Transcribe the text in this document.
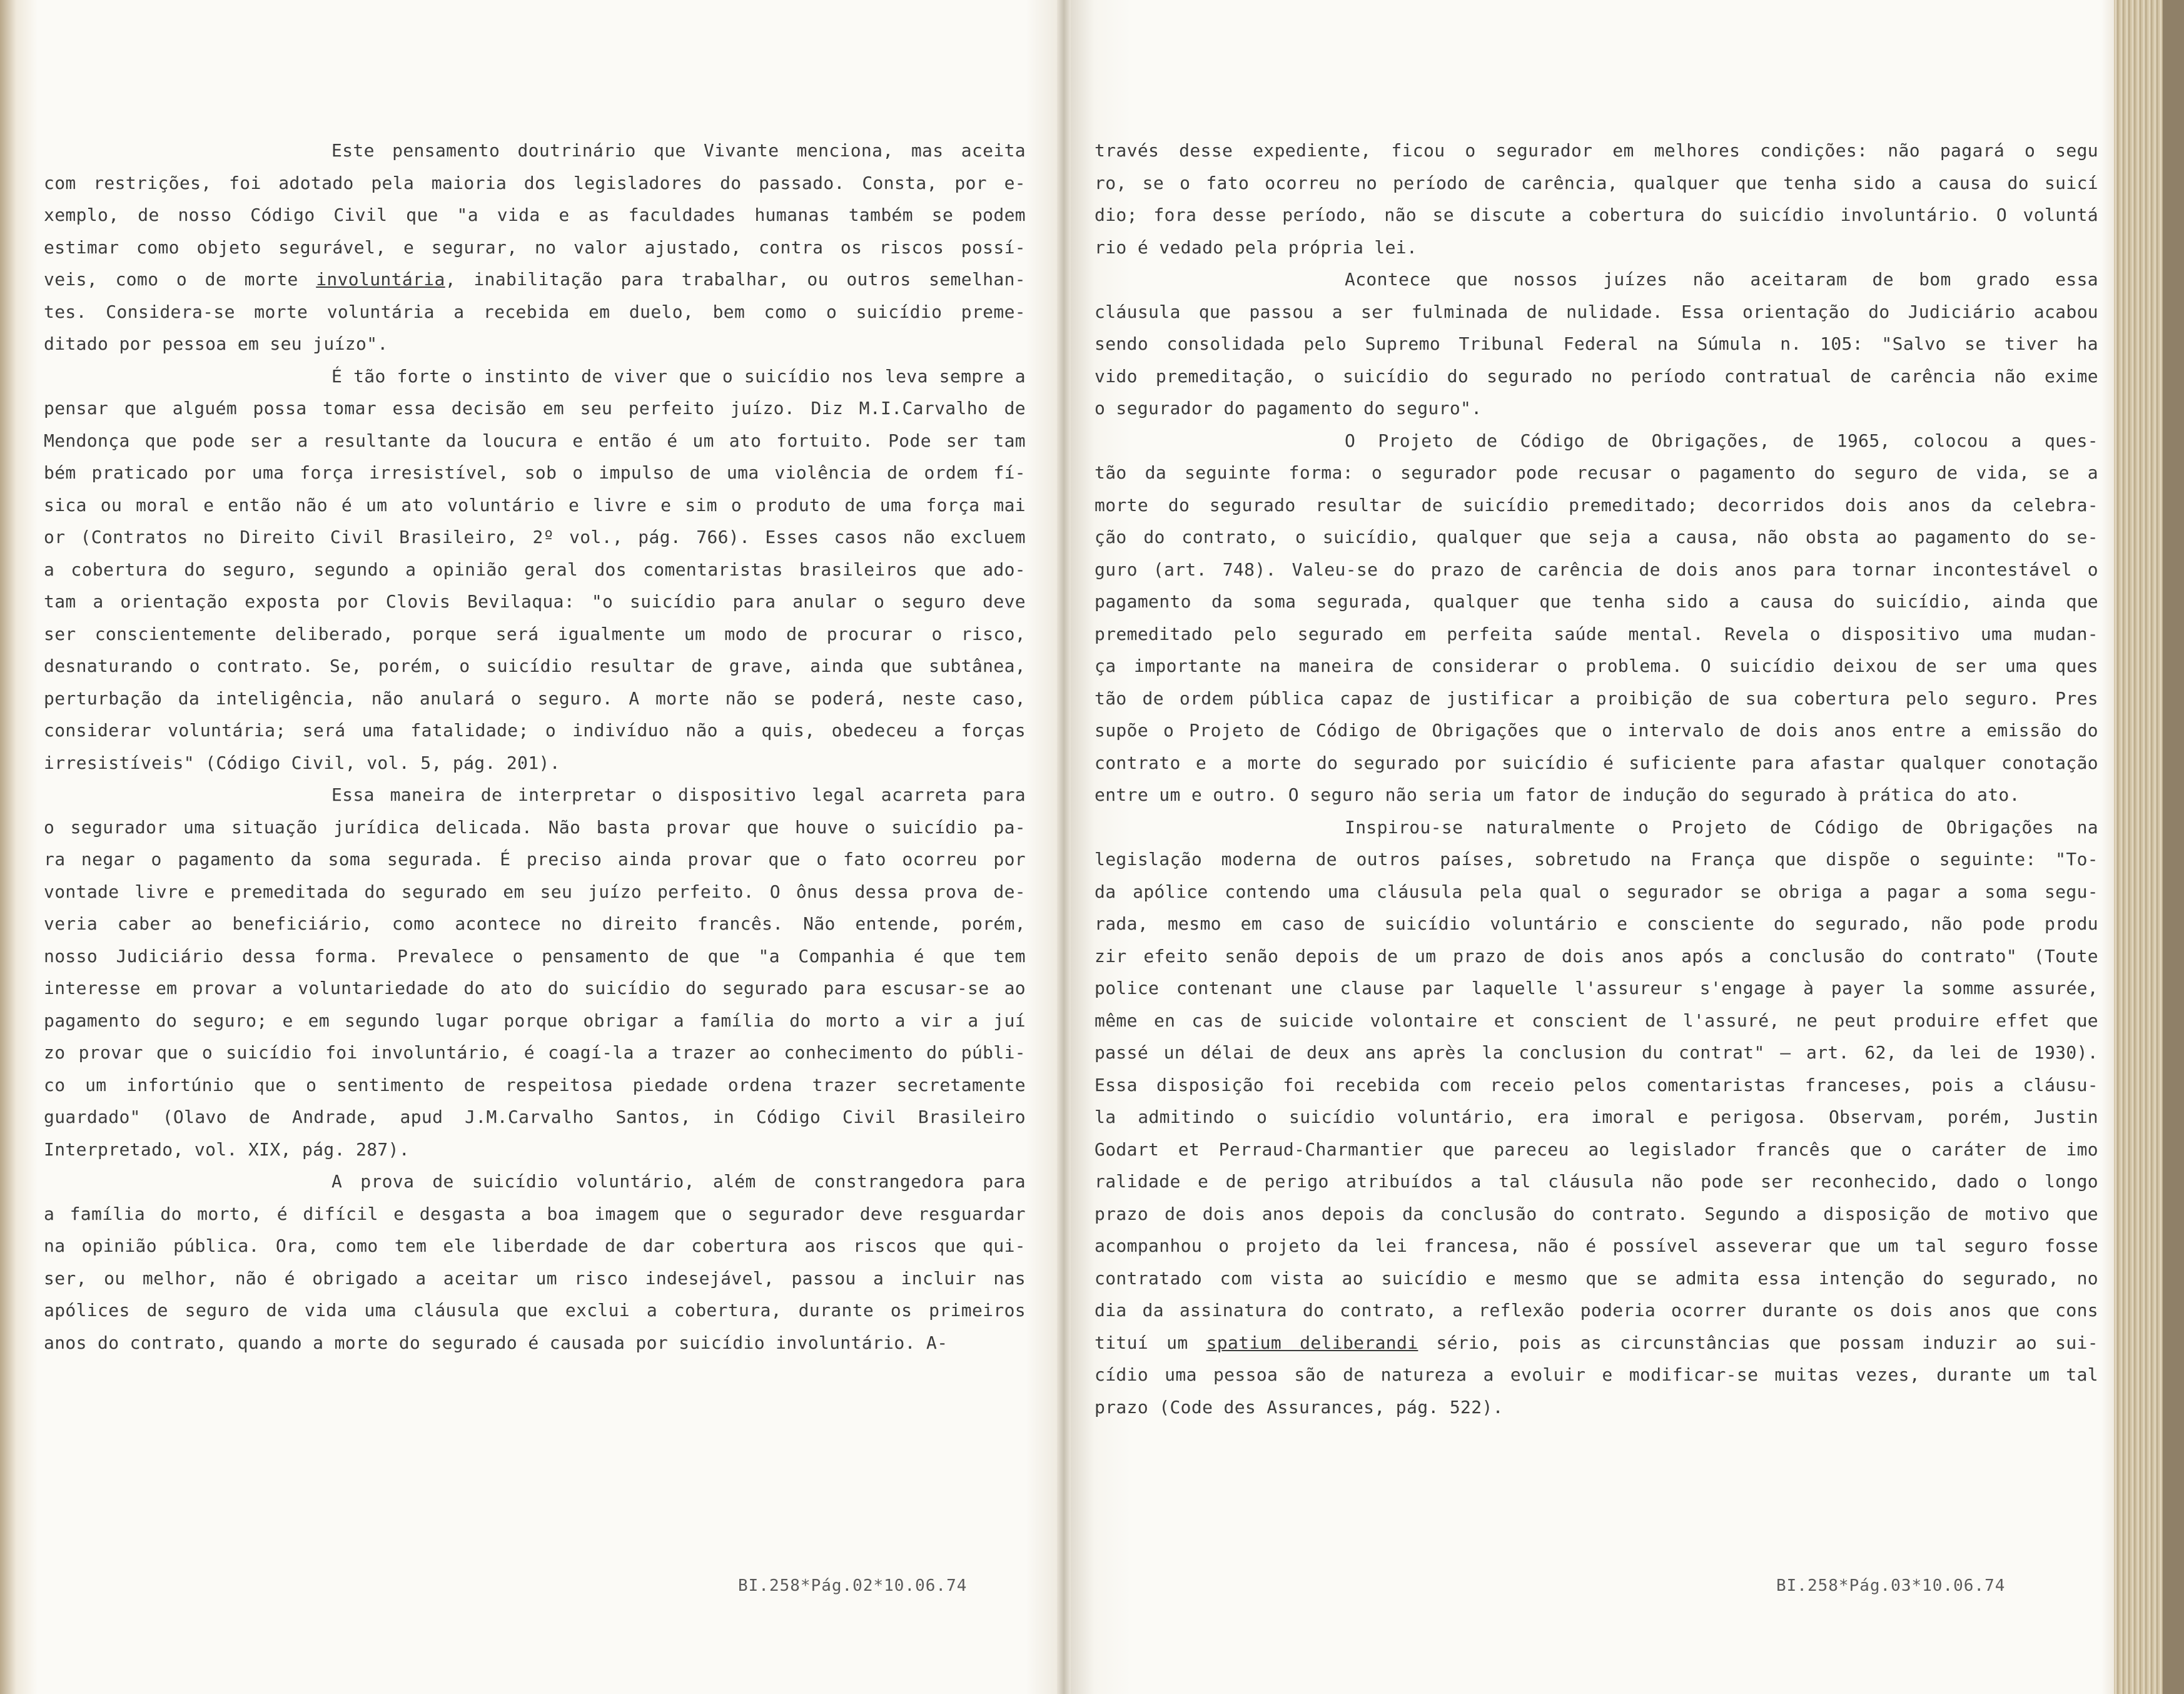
Este pensamento doutrinário que Vivante menciona, mas aceita
com restrições, foi adotado pela maioria dos legisladores do passado. Consta, por e-
xemplo, de nosso Código Civil que "a vida e as faculdades humanas também se podem
estimar como objeto segurável, e segurar, no valor ajustado, contra os riscos possí-
veis, como o de morte involuntária, inabilitação para trabalhar, ou outros semelhan-
tes. Considera-se morte voluntária a recebida em duelo, bem como o suicídio preme-
ditado por pessoa em seu juízo".
É tão forte o instinto de viver que o suicídio nos leva sempre a
pensar que alguém possa tomar essa decisão em seu perfeito juízo. Diz M.I.Carvalho de
Mendonça que pode ser a resultante da loucura e então é um ato fortuito. Pode ser tam
bém praticado por uma força irresistível, sob o impulso de uma violência de ordem fí-
sica ou moral e então não é um ato voluntário e livre e sim o produto de uma força mai
or (Contratos no Direito Civil Brasileiro, 2º vol., pág. 766). Esses casos não excluem
a cobertura do seguro, segundo a opinião geral dos comentaristas brasileiros que ado-
tam a orientação exposta por Clovis Bevilaqua: "o suicídio para anular o seguro deve
ser conscientemente deliberado, porque será igualmente um modo de procurar o risco,
desnaturando o contrato. Se, porém, o suicídio resultar de grave, ainda que subtânea,
perturbação da inteligência, não anulará o seguro. A morte não se poderá, neste caso,
considerar voluntária; será uma fatalidade; o indivíduo não a quis, obedeceu a forças
irresistíveis" (Código Civil, vol. 5, pág. 201).
Essa maneira de interpretar o dispositivo legal acarreta para
o segurador uma situação jurídica delicada. Não basta provar que houve o suicídio pa-
ra negar o pagamento da soma segurada. É preciso ainda provar que o fato ocorreu por
vontade livre e premeditada do segurado em seu juízo perfeito. O ônus dessa prova de-
veria caber ao beneficiário, como acontece no direito francês. Não entende, porém,
nosso Judiciário dessa forma. Prevalece o pensamento de que "a Companhia é que tem
interesse em provar a voluntariedade do ato do suicídio do segurado para escusar-se ao
pagamento do seguro; e em segundo lugar porque obrigar a família do morto a vir a juí
zo provar que o suicídio foi involuntário, é coagí-la a trazer ao conhecimento do públi-
co um infortúnio que o sentimento de respeitosa piedade ordena trazer secretamente
guardado" (Olavo de Andrade, apud J.M.Carvalho Santos, in Código Civil Brasileiro
Interpretado, vol. XIX, pág. 287).
A prova de suicídio voluntário, além de constrangedora para
a família do morto, é difícil e desgasta a boa imagem que o segurador deve resguardar
na opinião pública. Ora, como tem ele liberdade de dar cobertura aos riscos que qui-
ser, ou melhor, não é obrigado a aceitar um risco indesejável, passou a incluir nas
apólices de seguro de vida uma cláusula que exclui a cobertura, durante os primeiros
anos do contrato, quando a morte do segurado é causada por suicídio involuntário. A-
través desse expediente, ficou o segurador em melhores condições: não pagará o segu
ro, se o fato ocorreu no período de carência, qualquer que tenha sido a causa do suicí
dio; fora desse período, não se discute a cobertura do suicídio involuntário. O voluntá
rio é vedado pela própria lei.
Acontece que nossos juízes não aceitaram de bom grado essa
cláusula que passou a ser fulminada de nulidade. Essa orientação do Judiciário acabou
sendo consolidada pelo Supremo Tribunal Federal na Súmula n. 105: "Salvo se tiver ha
vido premeditação, o suicídio do segurado no período contratual de carência não exime
o segurador do pagamento do seguro".
O Projeto de Código de Obrigações, de 1965, colocou a ques-
tão da seguinte forma: o segurador pode recusar o pagamento do seguro de vida, se a
morte do segurado resultar de suicídio premeditado; decorridos dois anos da celebra-
ção do contrato, o suicídio, qualquer que seja a causa, não obsta ao pagamento do se-
guro (art. 748). Valeu-se do prazo de carência de dois anos para tornar incontestável o
pagamento da soma segurada, qualquer que tenha sido a causa do suicídio, ainda que
premeditado pelo segurado em perfeita saúde mental. Revela o dispositivo uma mudan-
ça importante na maneira de considerar o problema. O suicídio deixou de ser uma ques
tão de ordem pública capaz de justificar a proibição de sua cobertura pelo seguro. Pres
supõe o Projeto de Código de Obrigações que o intervalo de dois anos entre a emissão do
contrato e a morte do segurado por suicídio é suficiente para afastar qualquer conotação
entre um e outro. O seguro não seria um fator de indução do segurado à prática do ato.
Inspirou-se naturalmente o Projeto de Código de Obrigações na
legislação moderna de outros países, sobretudo na França que dispõe o seguinte: "To-
da apólice contendo uma cláusula pela qual o segurador se obriga a pagar a soma segu-
rada, mesmo em caso de suicídio voluntário e consciente do segurado, não pode produ
zir efeito senão depois de um prazo de dois anos após a conclusão do contrato" (Toute
police contenant une clause par laquelle l'assureur s'engage à payer la somme assurée,
même en cas de suicide volontaire et conscient de l'assuré, ne peut produire effet que
passé un délai de deux ans après la conclusion du contrat" — art. 62, da lei de 1930).
Essa disposição foi recebida com receio pelos comentaristas franceses, pois a cláusu-
la admitindo o suicídio voluntário, era imoral e perigosa. Observam, porém, Justin
Godart et Perraud-Charmantier que pareceu ao legislador francês que o caráter de imo
ralidade e de perigo atribuídos a tal cláusula não pode ser reconhecido, dado o longo
prazo de dois anos depois da conclusão do contrato. Segundo a disposição de motivo que
acompanhou o projeto da lei francesa, não é possível asseverar que um tal seguro fosse
contratado com vista ao suicídio e mesmo que se admita essa intenção do segurado, no
dia da assinatura do contrato, a reflexão poderia ocorrer durante os dois anos que cons
tituí um spatium deliberandi sério, pois as circunstâncias que possam induzir ao sui-
cídio uma pessoa são de natureza a evoluir e modificar-se muitas vezes, durante um tal
prazo (Code des Assurances, pág. 522).
BI.258*Pág.02*10.06.74	BI.258*Pág.03*10.06.74
